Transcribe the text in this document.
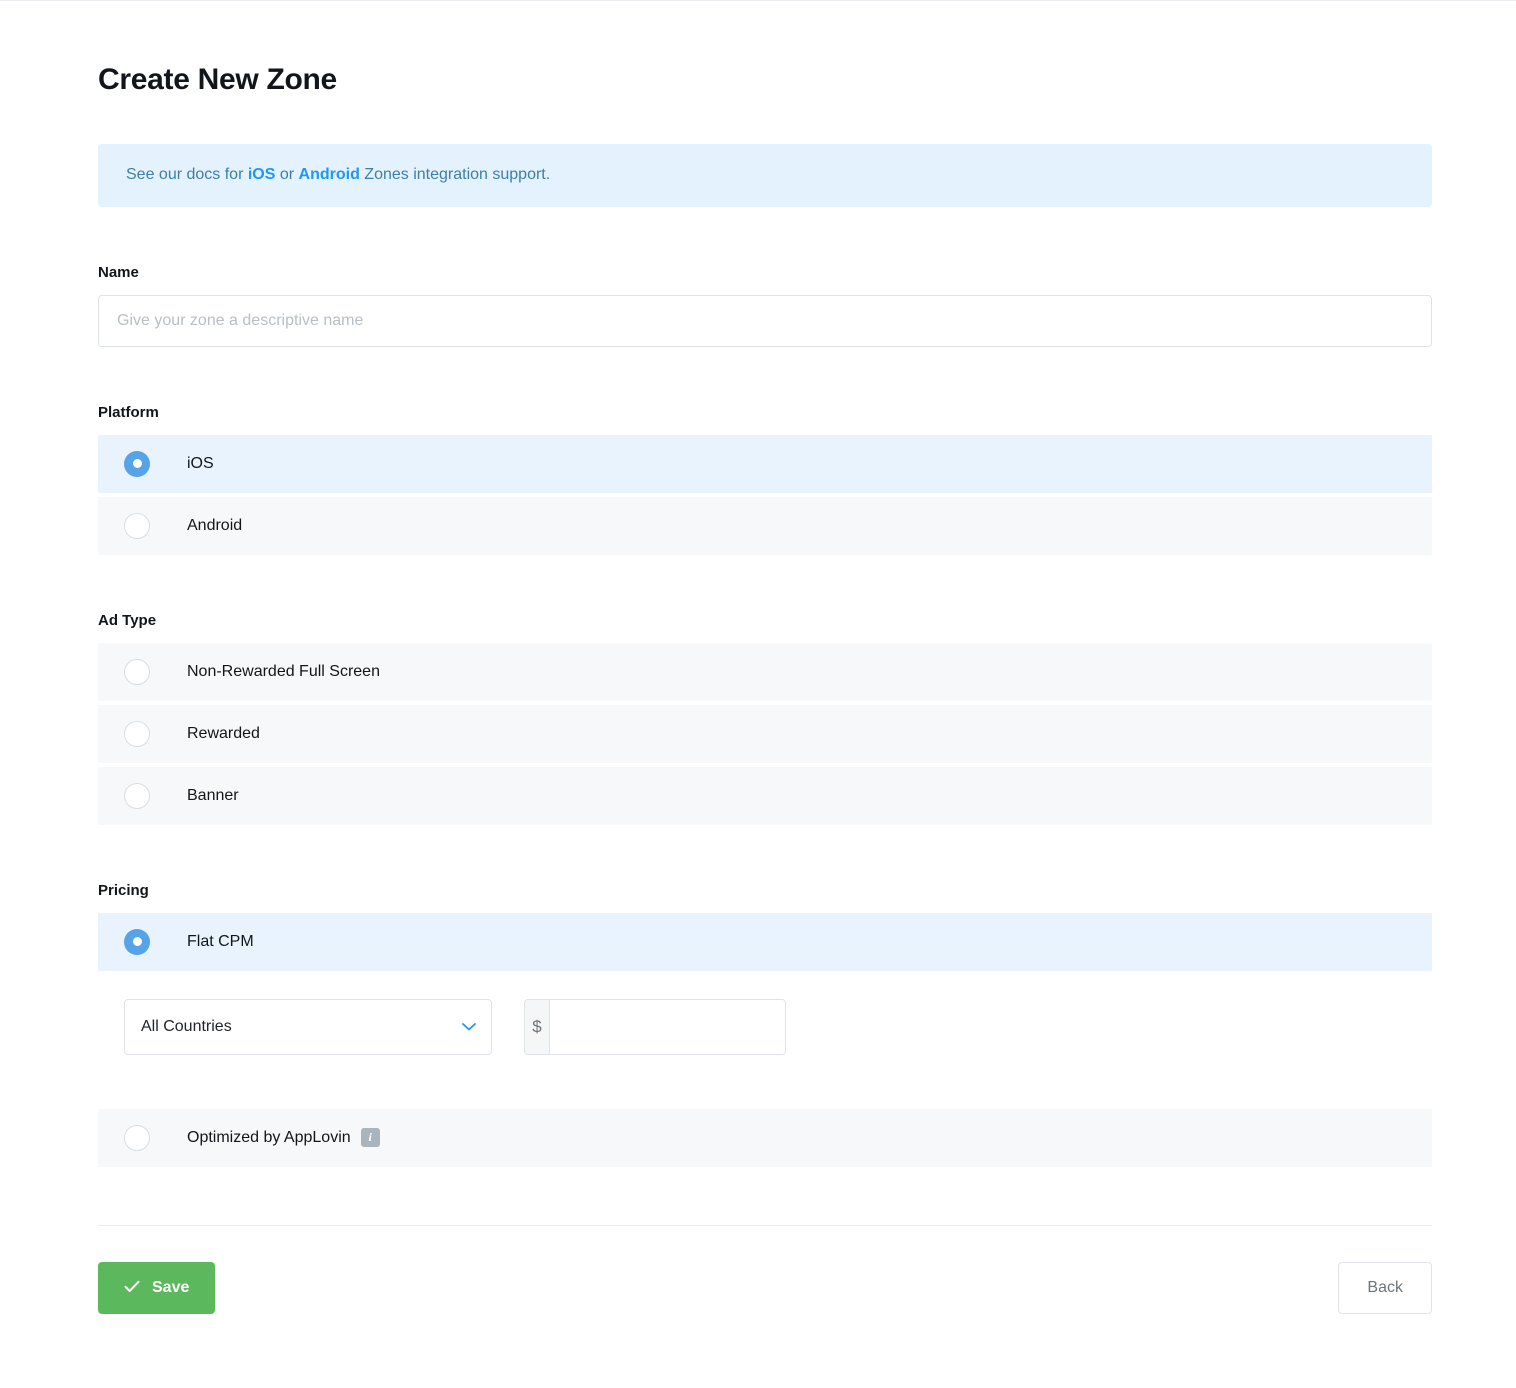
Create New Zone
See our docs for iOS or Android Zones integration support.
Name
Give your zone a descriptive name
Platform
iOS
Android
Ad Type
Non-Rewarded Full Screen
Rewarded
Banner
Pricing
Flat CPM
All Countries
$
Optimized by AppLovin	i
Save	Back
